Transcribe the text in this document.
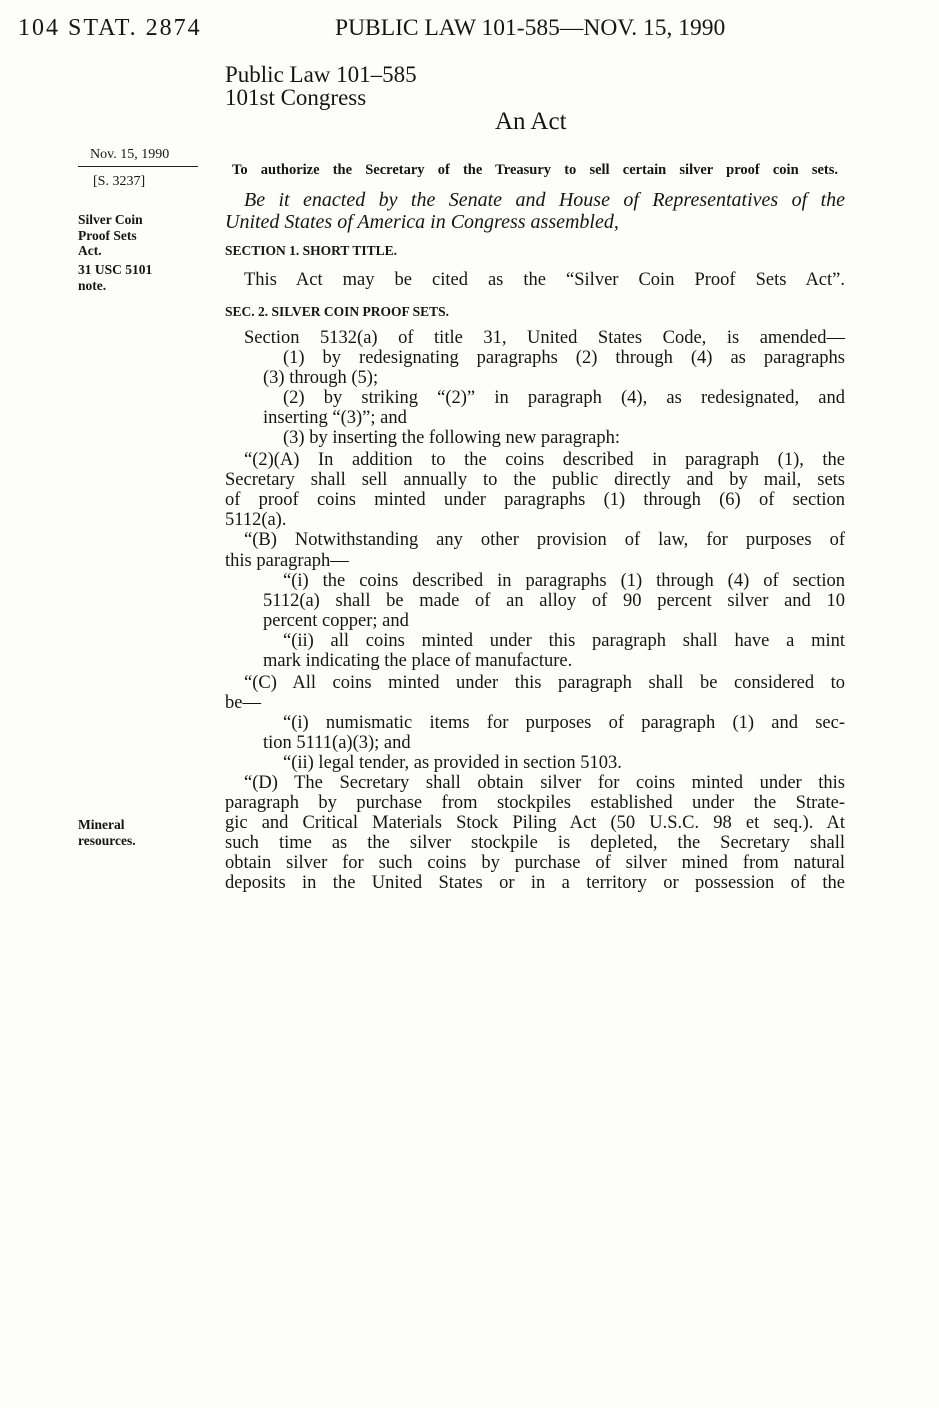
104 STAT. 2874	PUBLIC LAW 101-585—NOV. 15, 1990
Public Law 101–585
101st Congress
An Act
Nov. 15, 1990
[S. 3237]
Silver Coin
Proof Sets
Act.
31 USC 5101
note.
Mineral
resources.
To authorize the Secretary of the Treasury to sell certain silver proof coin sets.
Be it enacted by the Senate and House of Representatives of the
United States of America in Congress assembled,
SECTION 1. SHORT TITLE.
This Act may be cited as the “Silver Coin Proof Sets Act”.
SEC. 2. SILVER COIN PROOF SETS.
Section 5132(a) of title 31, United States Code, is amended—
(1) by redesignating paragraphs (2) through (4) as paragraphs
(3) through (5);
(2) by striking “(2)” in paragraph (4), as redesignated, and
inserting “(3)”; and
(3) by inserting the following new paragraph:
“(2)(A) In addition to the coins described in paragraph (1), the
Secretary shall sell annually to the public directly and by mail, sets
of proof coins minted under paragraphs (1) through (6) of section
5112(a).
“(B) Notwithstanding any other provision of law, for purposes of
this paragraph—
“(i) the coins described in paragraphs (1) through (4) of section
5112(a) shall be made of an alloy of 90 percent silver and 10
percent copper; and
“(ii) all coins minted under this paragraph shall have a mint
mark indicating the place of manufacture.
“(C) All coins minted under this paragraph shall be considered to
be—
“(i) numismatic items for purposes of paragraph (1) and sec-
tion 5111(a)(3); and
“(ii) legal tender, as provided in section 5103.
“(D) The Secretary shall obtain silver for coins minted under this
paragraph by purchase from stockpiles established under the Strate-
gic and Critical Materials Stock Piling Act (50 U.S.C. 98 et seq.). At
such time as the silver stockpile is depleted, the Secretary shall
obtain silver for such coins by purchase of silver mined from natural
deposits in the United States or in a territory or possession of the
